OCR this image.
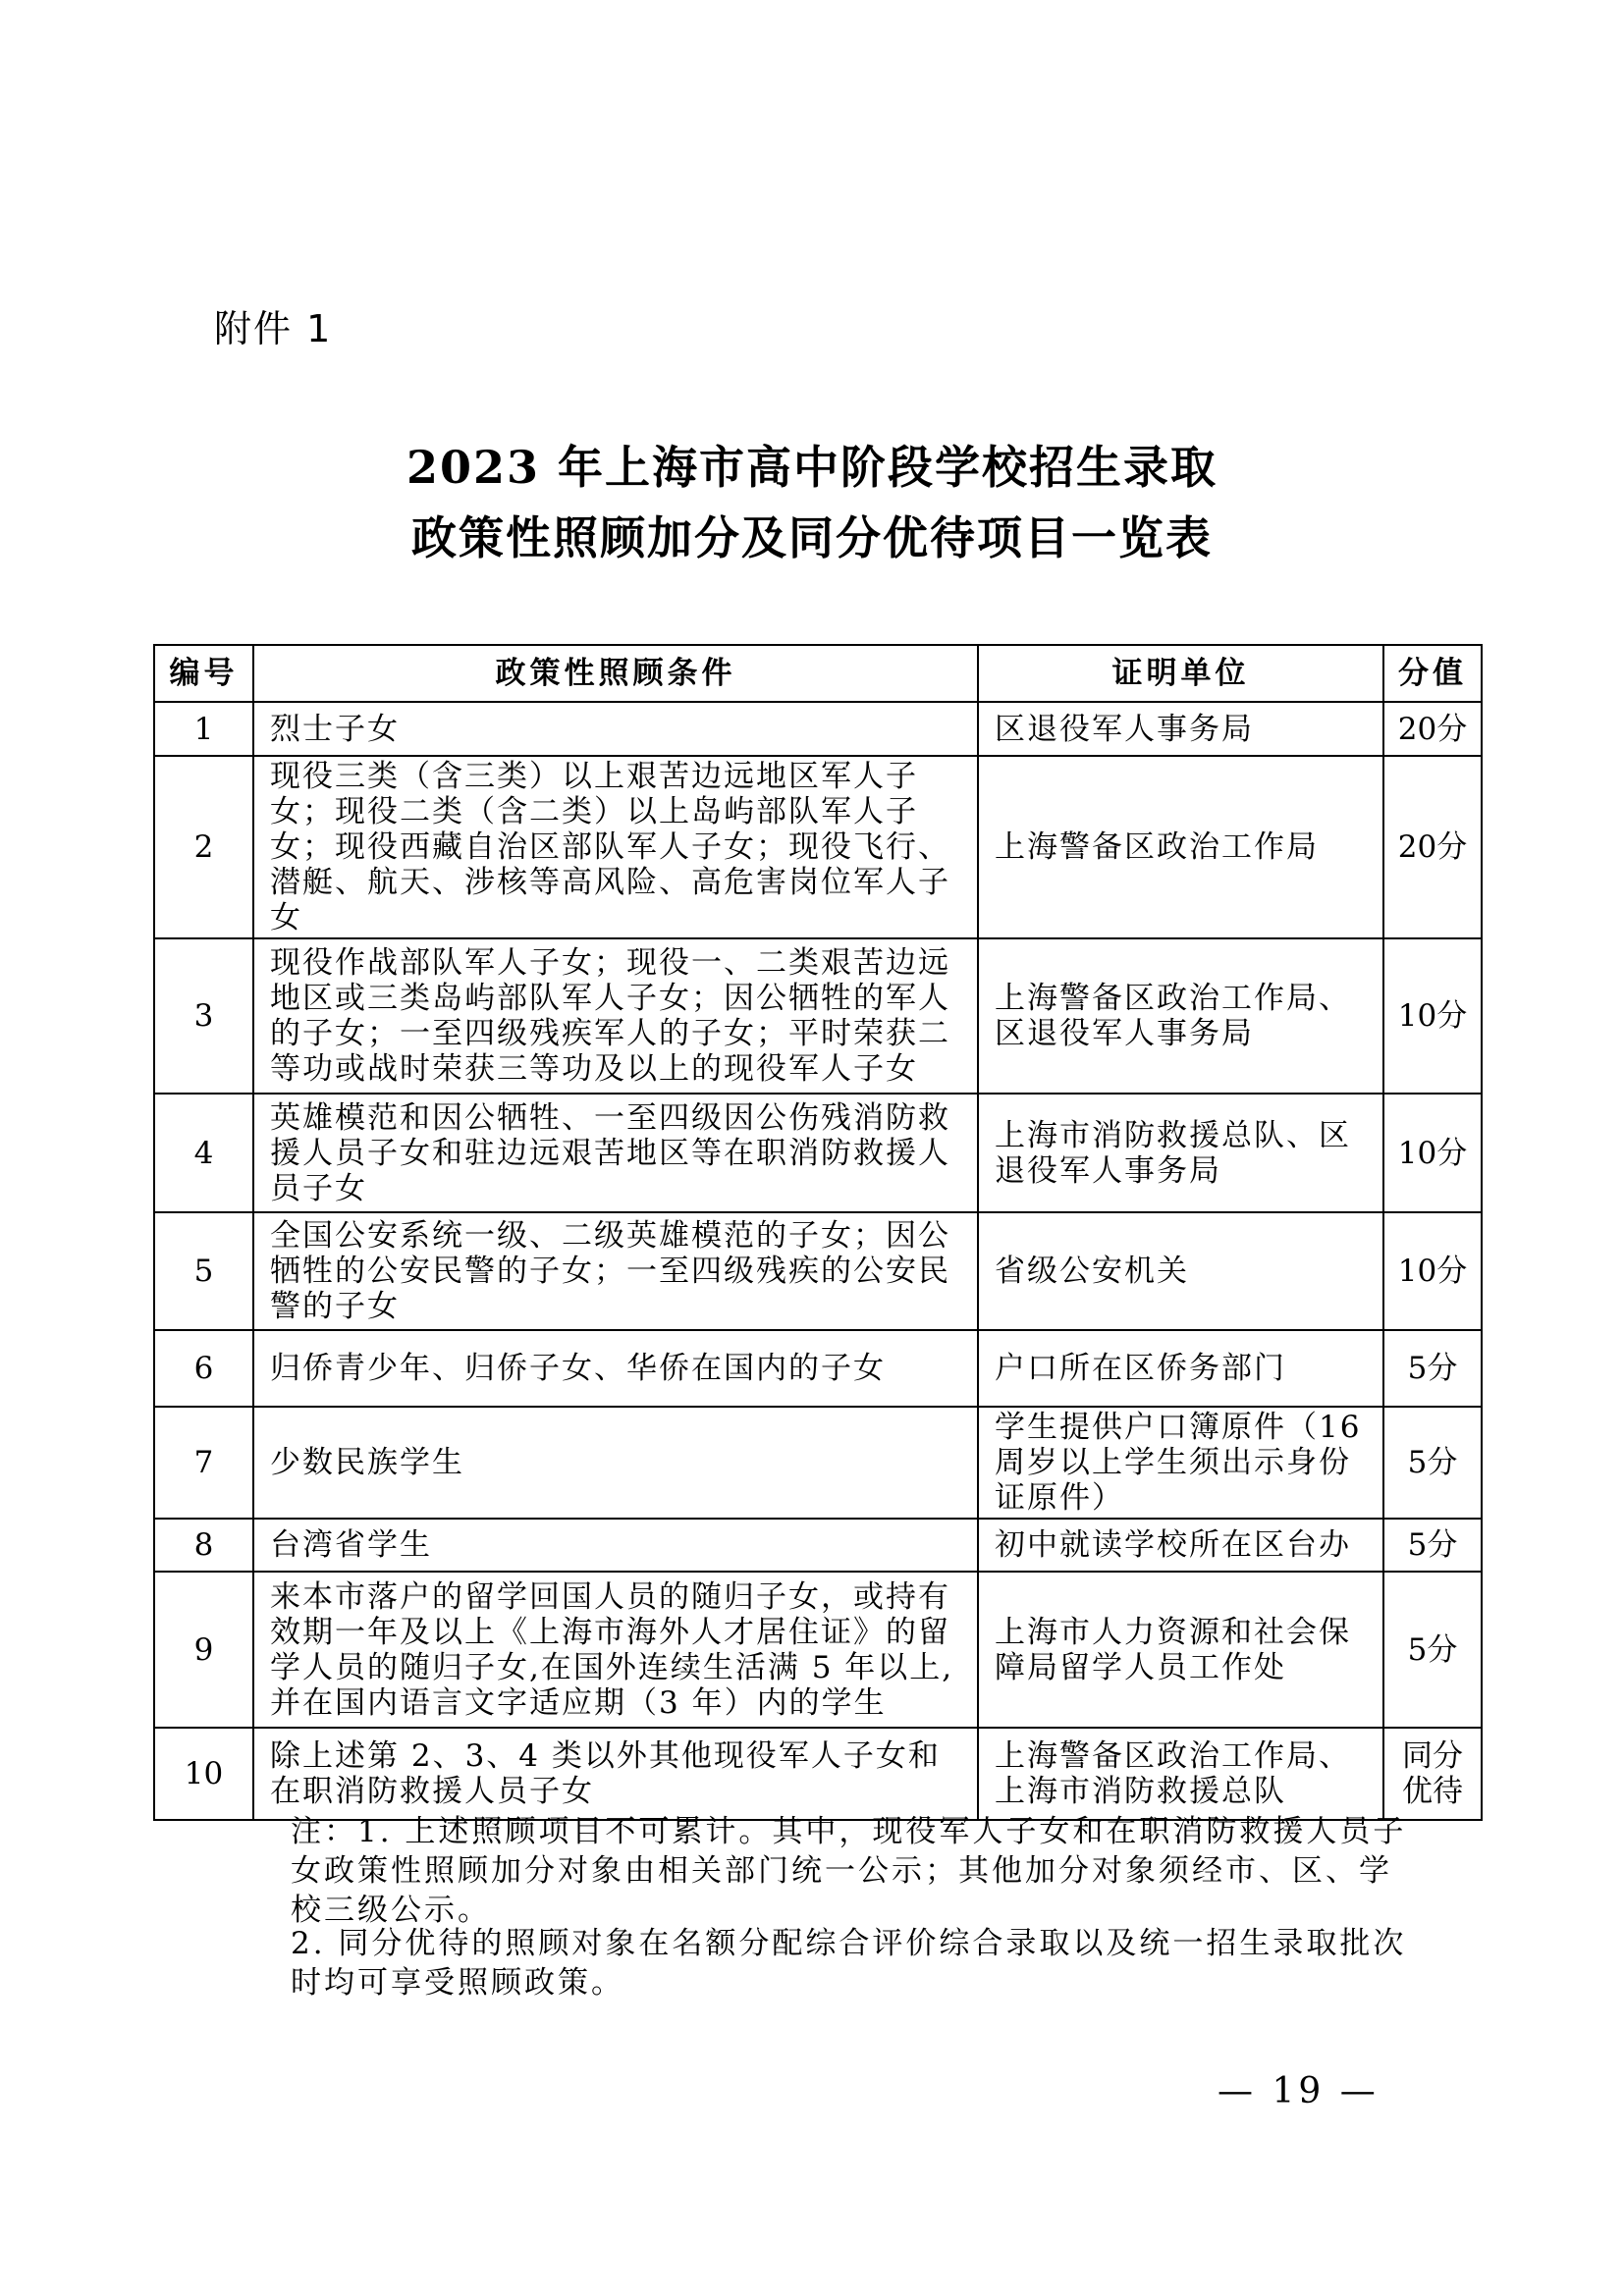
附件 1
2023 年上海市高中阶段学校招生录取
政策性照顾加分及同分优待项目一览表
编号	政策性照顾条件	证明单位	分值
1	烈士子女	区退役军人事务局	20分
2	现役三类（含三类）以上艰苦边远地区军人子女；现役二类（含二类）以上岛屿部队军人子女；现役西藏自治区部队军人子女；现役飞行、潜艇、航天、涉核等高风险、高危害岗位军人子女	上海警备区政治工作局	20分
3	现役作战部队军人子女；现役一、二类艰苦边远地区或三类岛屿部队军人子女；因公牺牲的军人的子女；一至四级残疾军人的子女；平时荣获二等功或战时荣获三等功及以上的现役军人子女	上海警备区政治工作局、区退役军人事务局	10分
4	英雄模范和因公牺牲、一至四级因公伤残消防救援人员子女和驻边远艰苦地区等在职消防救援人员子女	上海市消防救援总队、区退役军人事务局	10分
5	全国公安系统一级、二级英雄模范的子女；因公牺牲的公安民警的子女；一至四级残疾的公安民警的子女	省级公安机关	10分
6	归侨青少年、归侨子女、华侨在国内的子女	户口所在区侨务部门	5分
7	少数民族学生	学生提供户口簿原件（16周岁以上学生须出示身份证原件）	5分
8	台湾省学生	初中就读学校所在区台办	5分
9	来本市落户的留学回国人员的随归子女，或持有效期一年及以上《上海市海外人才居住证》的留学人员的随归子女,在国外连续生活满 5 年以上,并在国内语言文字适应期（3 年）内的学生	上海市人力资源和社会保障局留学人员工作处	5分
10	除上述第 2、3、4 类以外其他现役军人子女和在职消防救援人员子女	上海警备区政治工作局、上海市消防救援总队	同分优待
注：1. 上述照顾项目不可累计。其中，现役军人子女和在职消防救援人员子女政策性照顾加分对象由相关部门统一公示；其他加分对象须经市、区、学校三级公示。
2. 同分优待的照顾对象在名额分配综合评价综合录取以及统一招生录取批次时均可享受照顾政策。
— 19 —
